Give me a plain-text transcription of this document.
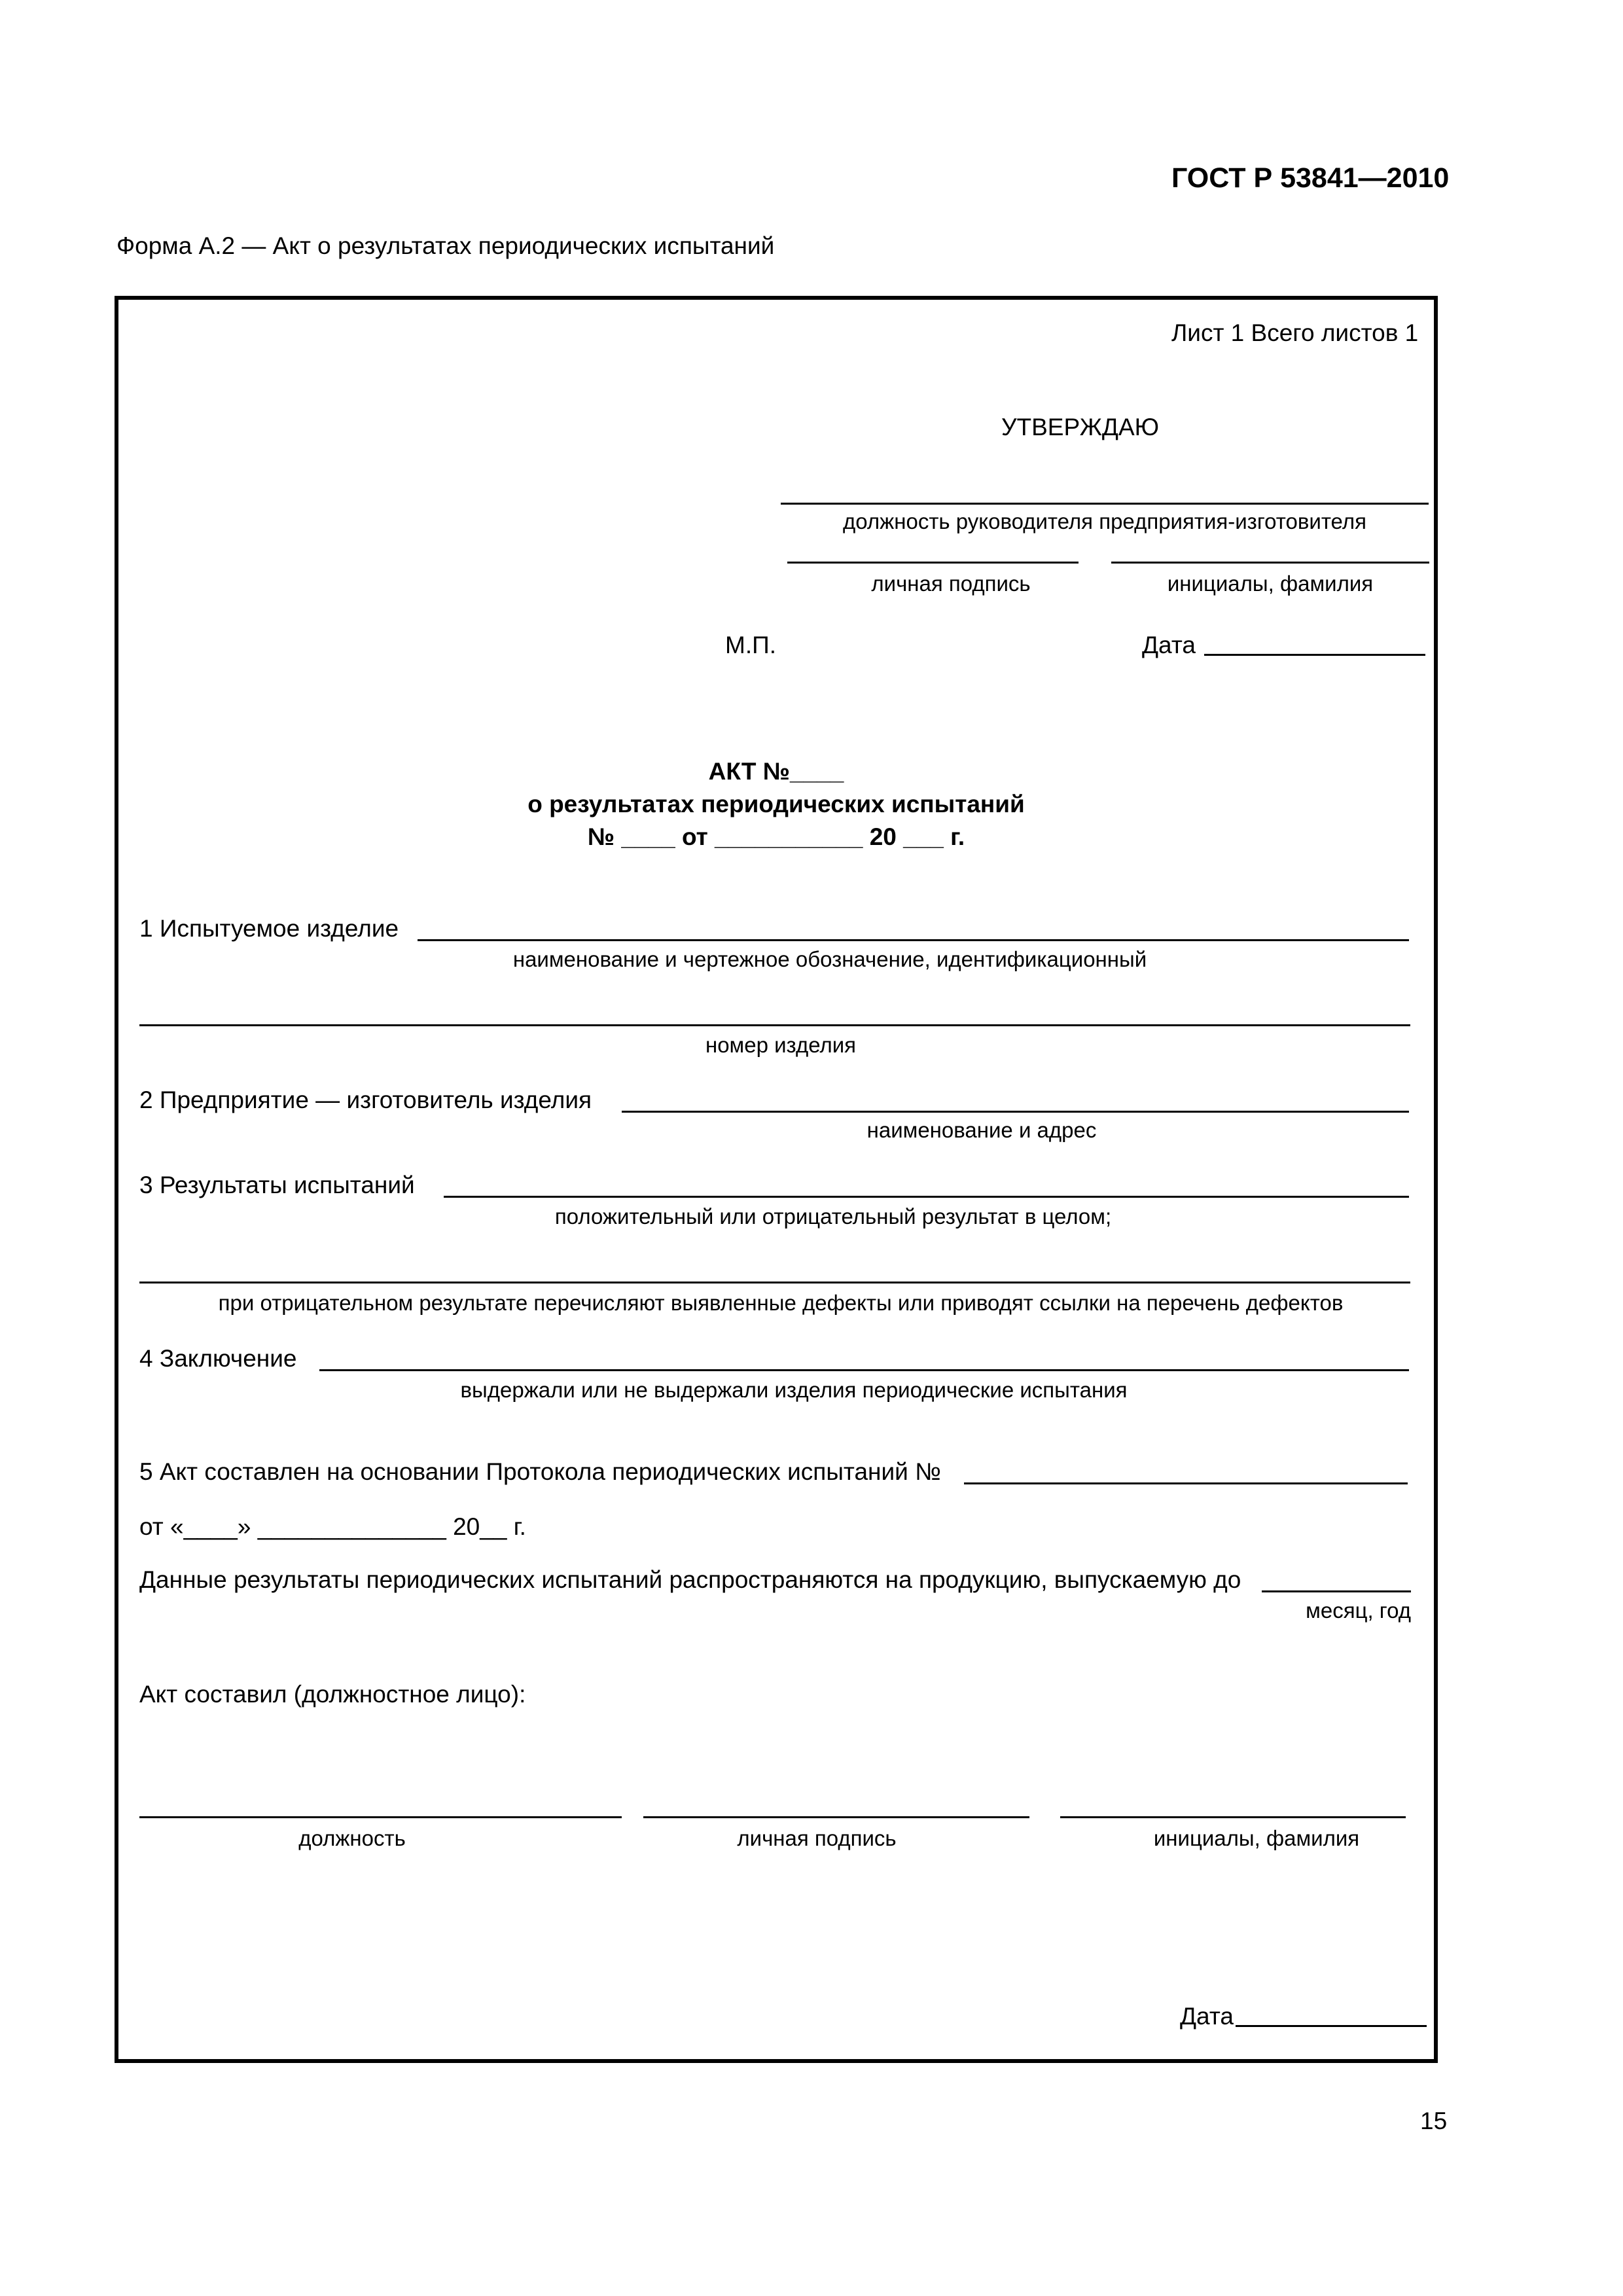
ГОСТ Р 53841—2010
Форма А.2 — Акт о результатах периодических испытаний
Лист 1 Всего листов 1
УТВЕРЖДАЮ
должность руководителя предприятия-изготовителя
личная подпись	инициалы, фамилия
М.П.	Дата
АКТ №____
о результатах периодических испытаний
№ ____ от ___________ 20 ___ г.
1 Испытуемое изделие
наименование и чертежное обозначение, идентификационный
номер изделия
2 Предприятие — изготовитель изделия
наименование и адрес
3 Результаты испытаний
положительный или отрицательный результат в целом;
при отрицательном результате перечисляют выявленные дефекты или приводят ссылки на перечень дефектов
4 Заключение
выдержали или не выдержали изделия периодические испытания
5 Акт составлен на основании Протокола периодических испытаний №
от «____» ______________ 20__ г.
Данные результаты периодических испытаний распространяются на продукцию, выпускаемую до
месяц, год
Акт составил (должностное лицо):
должность	личная подпись	инициалы, фамилия
Дата
15
